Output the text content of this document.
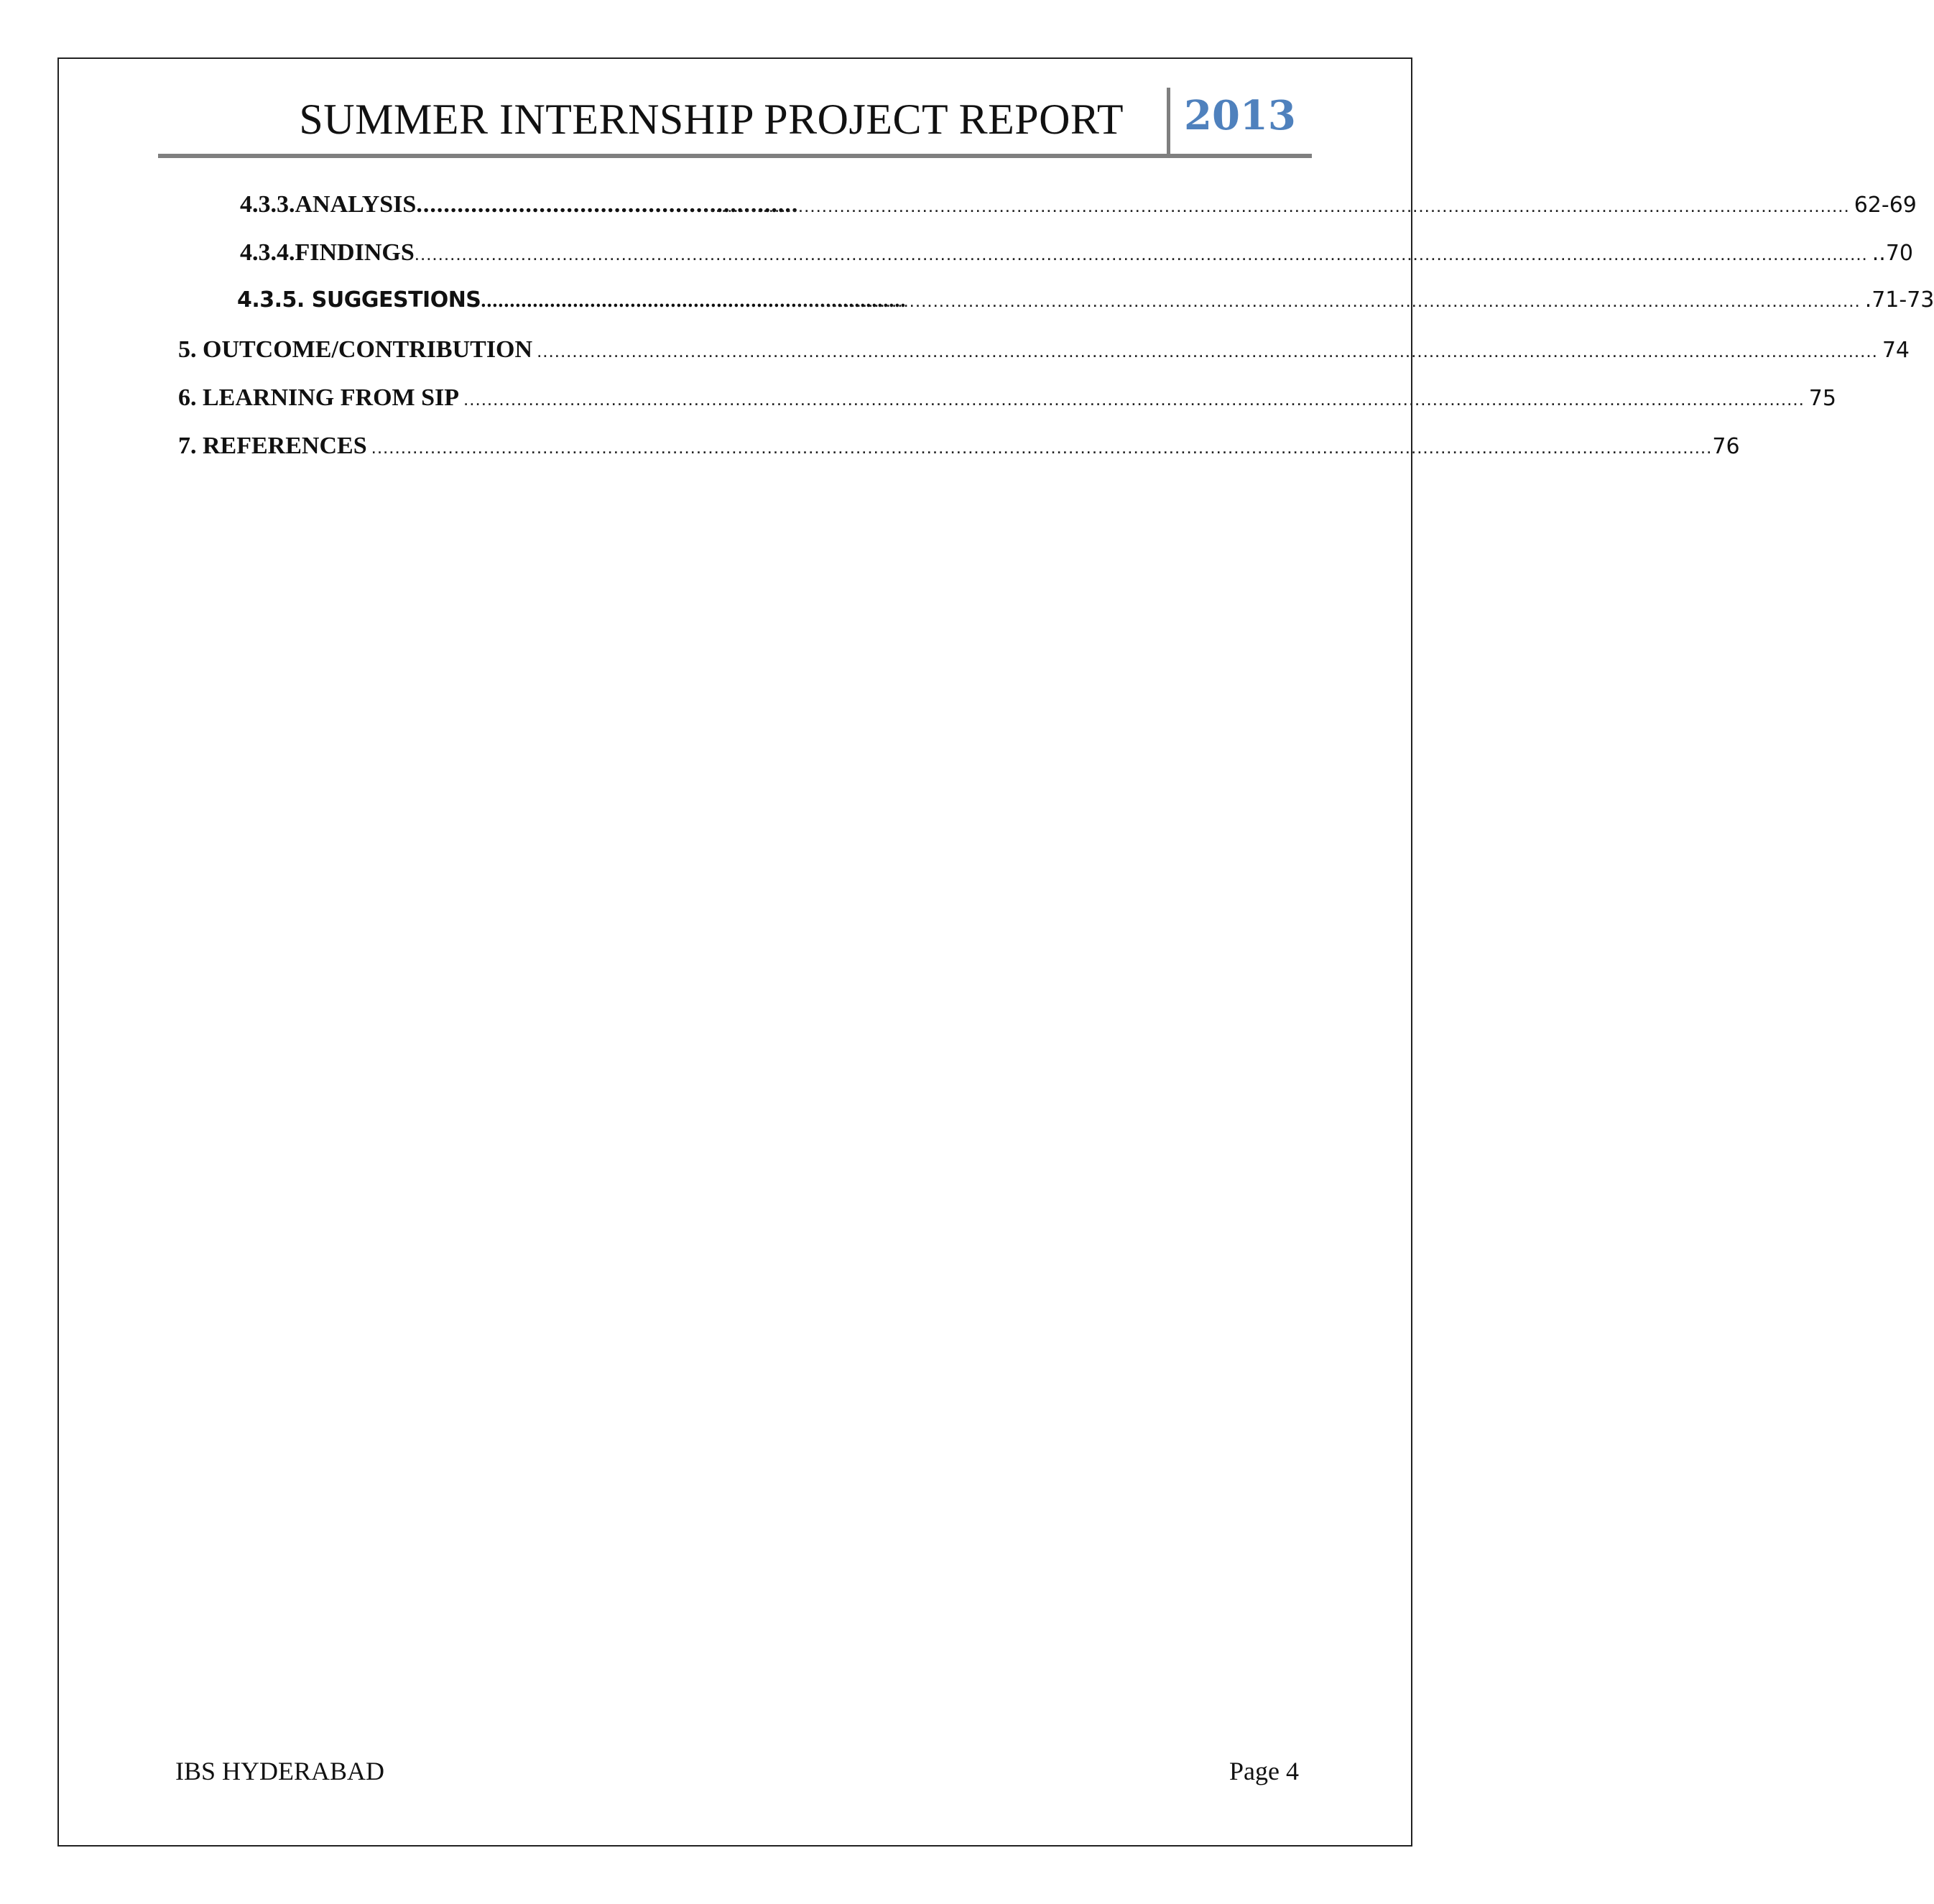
SUMMER INTERNSHIP PROJECT REPORT 2013
4.3.3.ANALYSIS ........................................................
.................................................................................................................................................................................................. 62-69
4.3.4.FINDINGS ...................................................................................................................................................................................................................................................... ..70
4.3.5. SUGGESTIONS ..........................................................................
.................................................................................................................................................................................... .71-73
5. OUTCOME/CONTRIBUTION ................................................................................................................................................................................................................................... 74
6. LEARNING FROM SIP ................................................................................................................................................................................................................................... 75
7. REFERENCES ................................................................................................................................................................................................................................... 76
IBS HYDERABAD	Page 4
